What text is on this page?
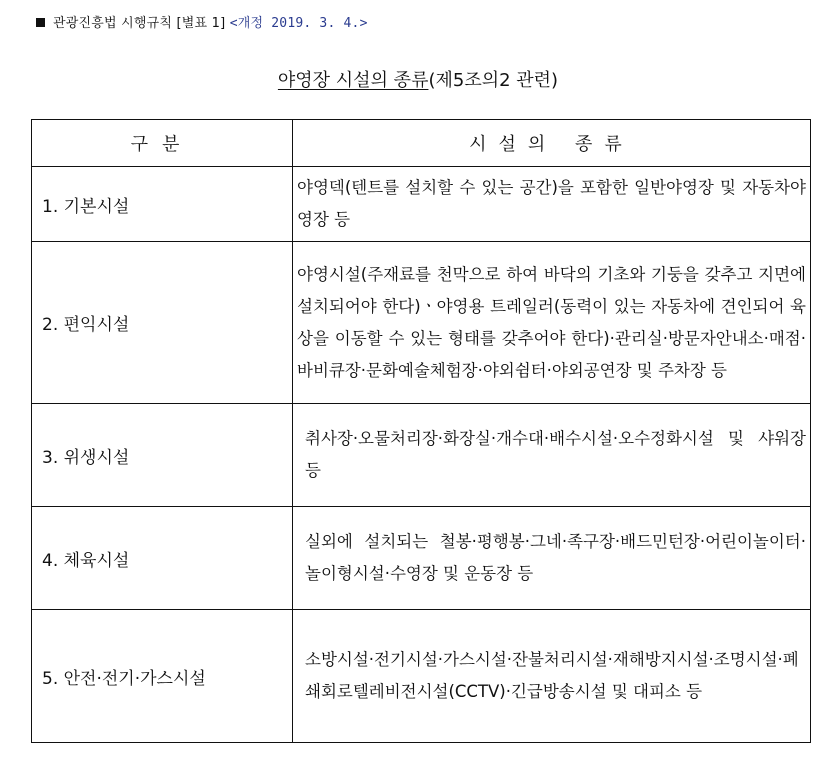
관광진흥법 시행규칙 [별표 1] <개정 2019. 3. 4.>
야영장 시설의 종류(제5조의2 관련)
구분	시설의 종류
1. 기본시설	야영덱(텐트를 설치할 수 있는 공간)을 포함한 일반야영장 및 자동차야영장 등
2. 편익시설	야영시설(주재료를 천막으로 하여 바닥의 기초와 기둥을 갖추고 지면에 설치되어야 한다)ㆍ야영용 트레일러(동력이 있는 자동차에 견인되어 육상을 이동할 수 있는 형태를 갖추어야 한다)·관리실·방문자안내소·매점·바비큐장·문화예술체험장·야외쉼터·야외공연장 및 주차장 등
3. 위생시설	취사장·오물처리장·화장실·개수대·배수시설·오수정화시설 및 샤워장 등
4. 체육시설	실외에 설치되는 철봉·평행봉·그네·족구장·배드민턴장·어린이놀이터·놀이형시설·수영장 및 운동장 등
5. 안전·전기·가스시설	소방시설·전기시설·가스시설·잔불처리시설·재해방지시설·조명시설·폐쇄회로텔레비전시설(CCTV)·긴급방송시설 및 대피소 등
